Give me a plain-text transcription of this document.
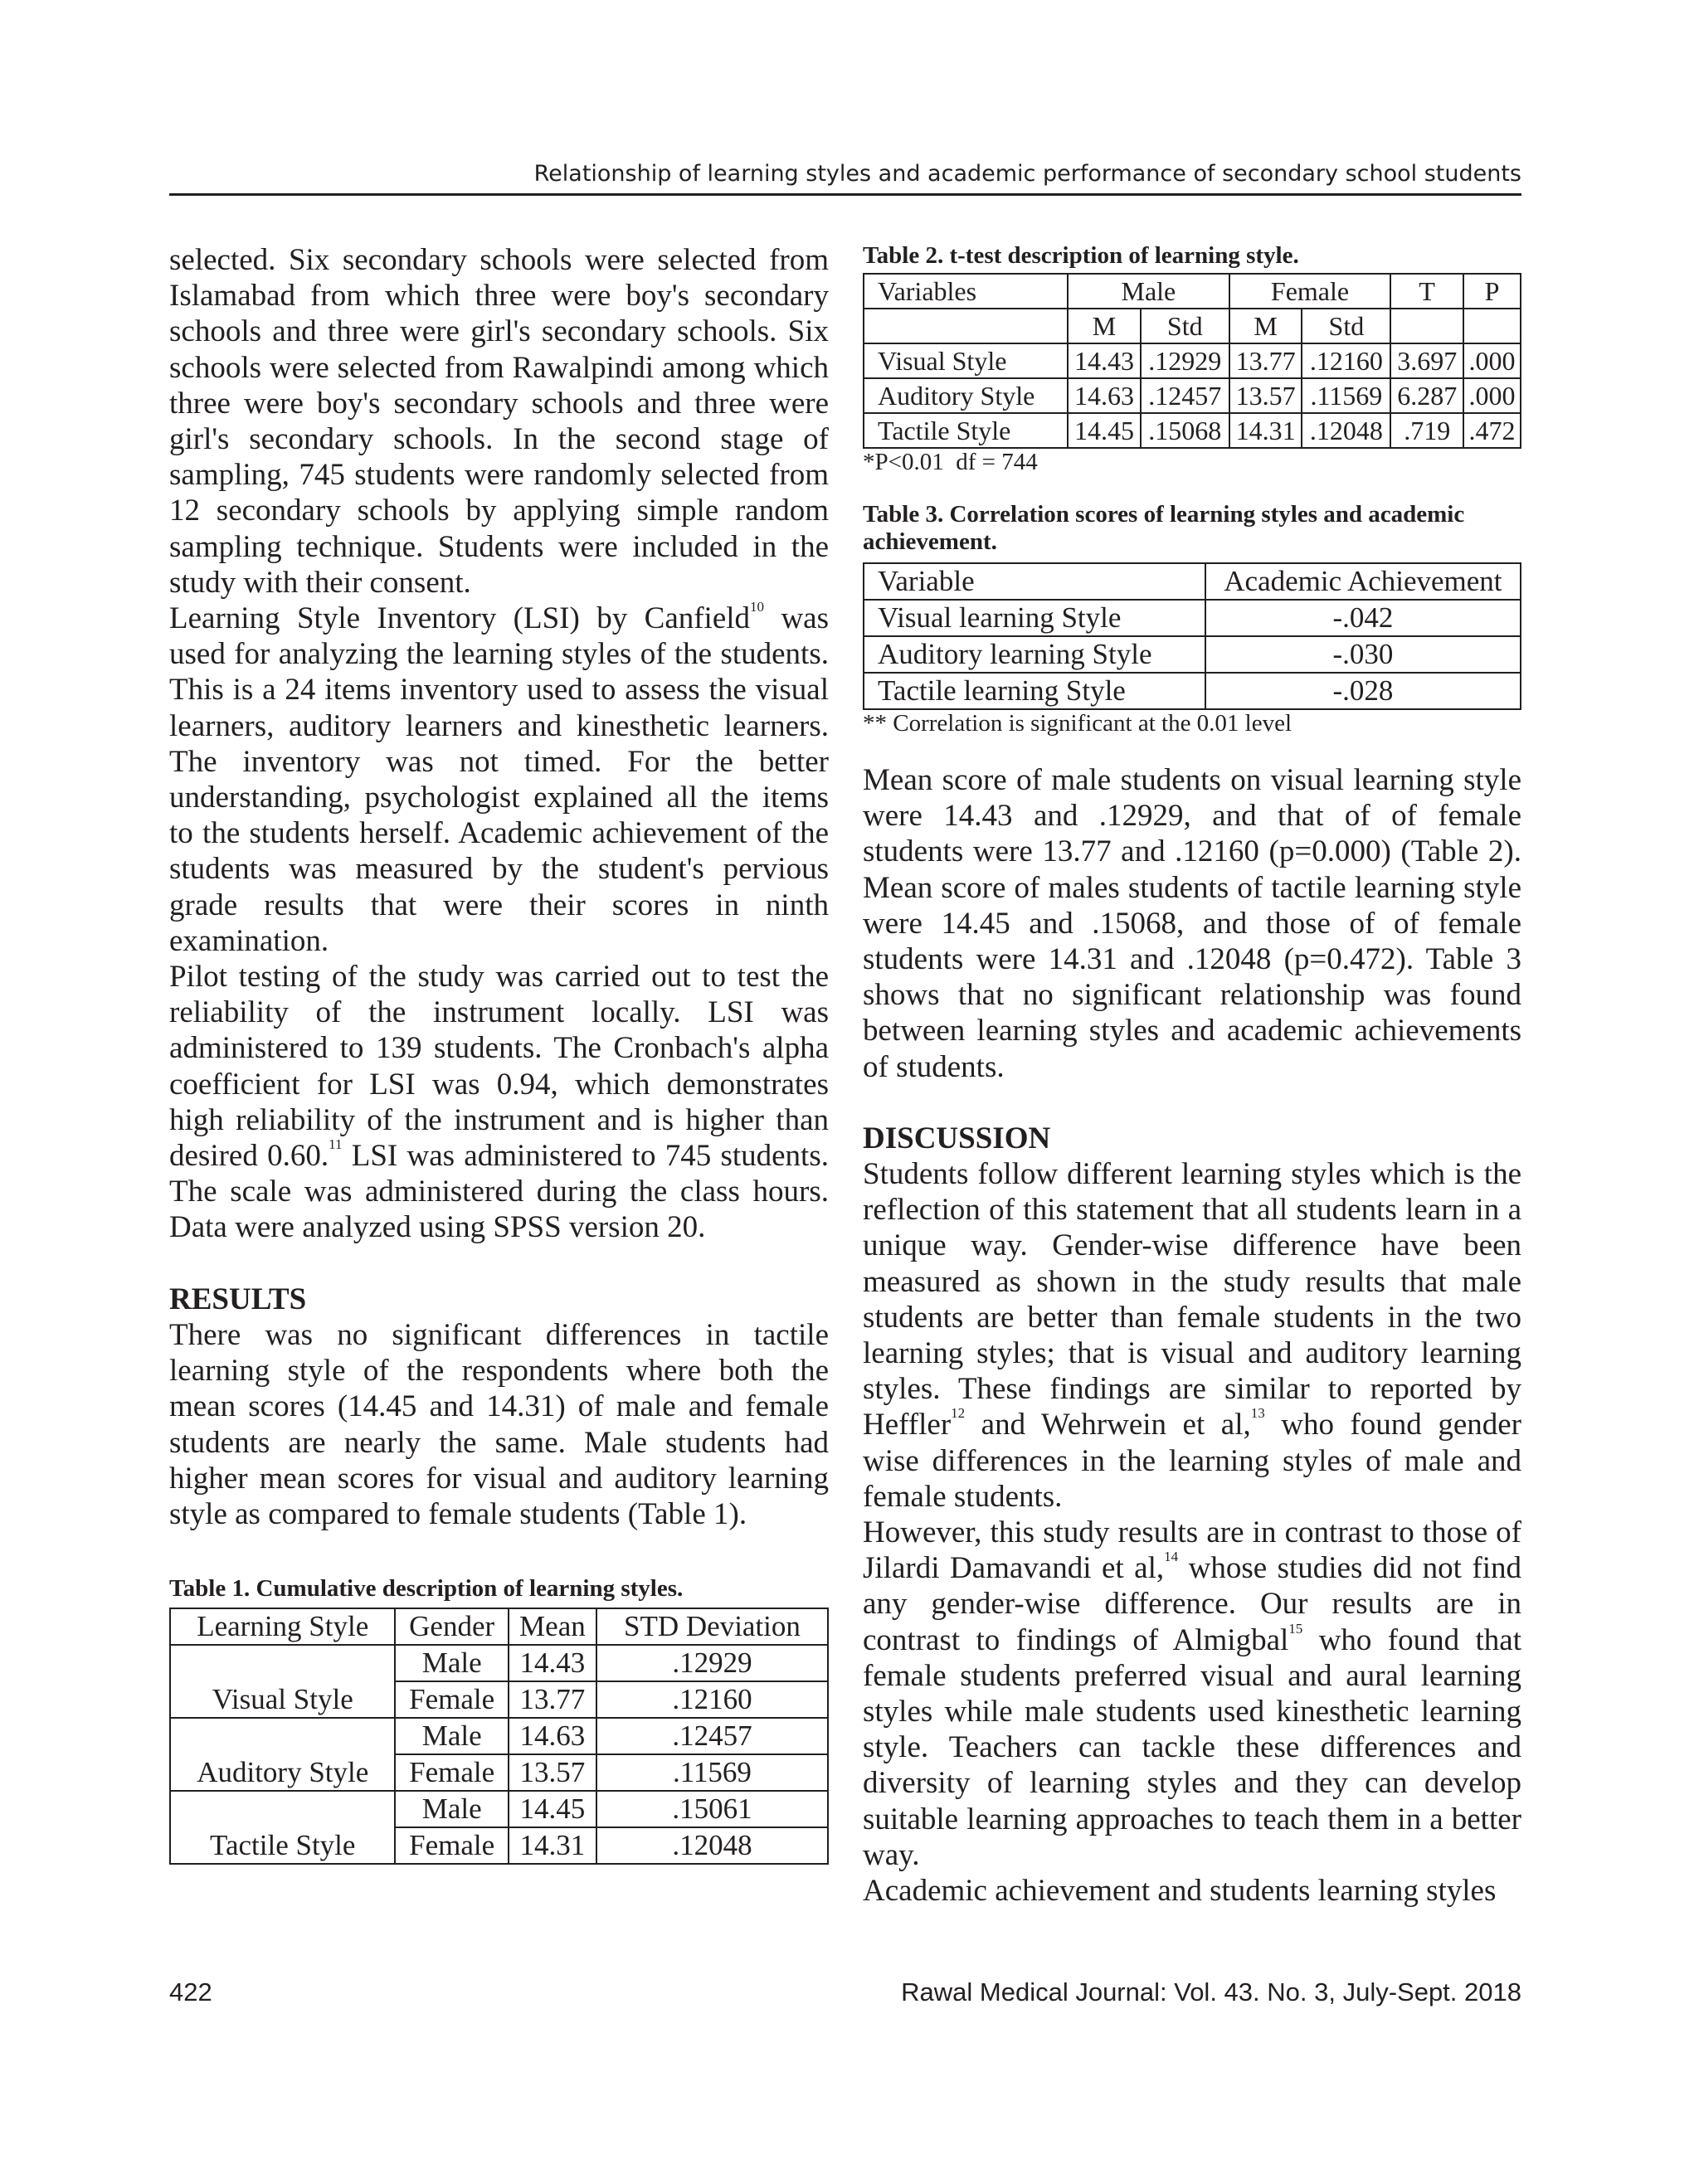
Relationship of learning styles and academic performance of secondary school students

selected. Six secondary schools were selected from Islamabad from which three were boy's secondary schools and three were girl's secondary schools. Six schools were selected from Rawalpindi among which three were boy's secondary schools and three were girl's secondary schools. In the second stage of sampling, 745 students were randomly selected from 12 secondary schools by applying simple random sampling technique. Students were included in the study with their consent.

Learning Style Inventory (LSI) by Canfield$^{10}$ was used for analyzing the learning styles of the students. This is a 24 items inventory used to assess the visual learners, auditory learners and kinesthetic learners. The inventory was not timed. For the better understanding, psychologist explained all the items to the students herself. Academic achievement of the students was measured by the student's pervious grade results that were their scores in ninth examination.

Pilot testing of the study was carried out to test the reliability of the instrument locally. LSI was administered to 139 students. The Cronbach's alpha coefficient for LSI was 0.94, which demonstrates high reliability of the instrument and is higher than desired 0.60.11 LSI was administered to 745 students. The scale was administered during the class hours. Data were analyzed using SPSS version 20.

RESULTS

There was no significant differences in tactile learning style of the respondents where both the mean scores (14.45 and 14.31) of male and female students are nearly the same. Male students had higher mean scores for visual and auditory learning style as compared to female students (Table 1).

Table 1. Cumulative description of learning styles.

Learning Style	Gender	Mean	STD Deviation
Visual Style	Male	14.43	.12929
	Female	13.77	.12160
Auditory Style	Male	14.63	.12457
	Female	13.57	.11569
Tactile Style	Male	14.45	.15061
	Female	14.31	.12048

Table 2. t-test description of learning style.

Variables	Male		Female		T	P
	M	Std	M	Std		
Visual Style	14.43	.12929	13.77	.12160	3.697	.000
Auditory Style	14.63	.12457	13.57	.11569	6.287	.000
Tactile Style	14.45	.15068	14.31	.12048	.719	.472

*P<0.01  df = 744

Table 3. Correlation scores of learning styles and academic achievement.

Variable	Academic Achievement
Visual learning Style	-.042
Auditory learning Style	-.030
Tactile learning Style	-.028

** Correlation is significant at the 0.01 level

Mean score of male students on visual learning style were 14.43 and .12929, and that of of female students were 13.77 and .12160 (p=0.000) (Table 2). Mean score of males students of tactile learning style were 14.45 and .15068, and those of of female students were 14.31 and .12048 (p=0.472). Table 3 shows that no significant relationship was found between learning styles and academic achievements of students.

DISCUSSION

Students follow different learning styles which is the reflection of this statement that all students learn in a unique way. Gender-wise difference have been measured as shown in the study results that male students are better than female students in the two learning styles; that is visual and auditory learning styles. These findings are similar to reported by Heffler$^{12}$ and Wehrwein et al,$^{13}$ who found gender wise differences in the learning styles of male and female students.

However, this study results are in contrast to those of Jilardi Damavandi et al,$^{14}$ whose studies did not find any gender-wise difference. Our results are in contrast to findings of Almigbal$^{15}$ who found that female students preferred visual and aural learning styles while male students used kinesthetic learning style. Teachers can tackle these differences and diversity of learning styles and they can develop suitable learning approaches to teach them in a better way.

Academic achievement and students learning styles

422	Rawal Medical Journal: Vol. 43. No. 3, July-Sept. 2018
